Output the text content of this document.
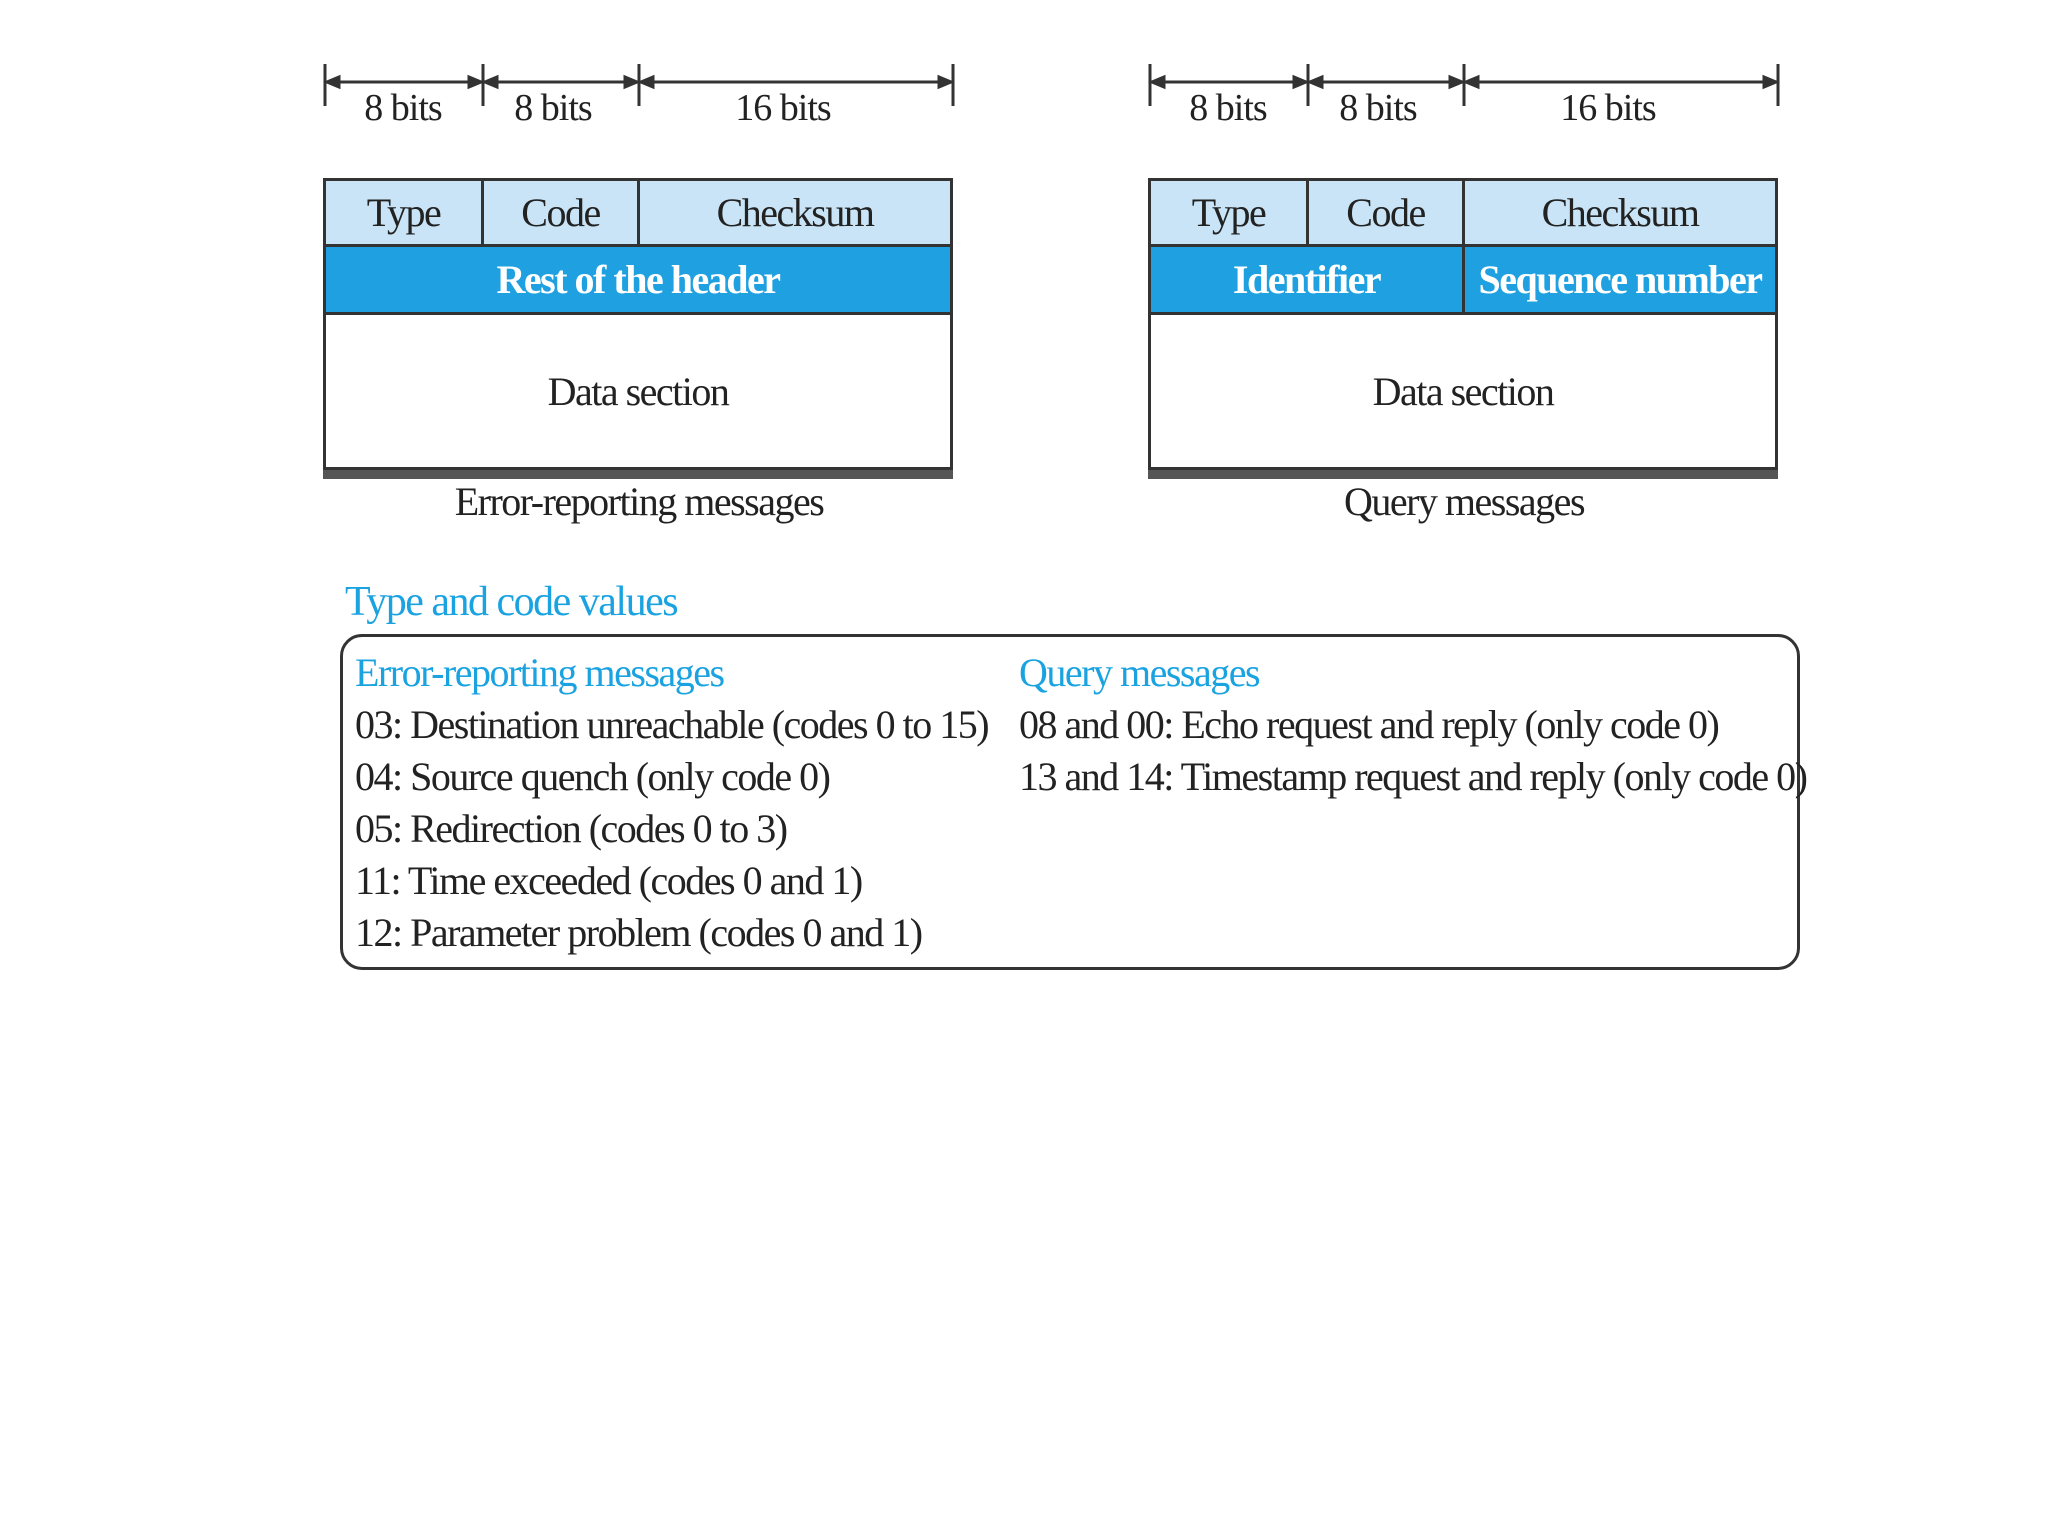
8 bits 8 bits	16 bits
Type	Code	Checksum
Rest of the header
Data section
Error-reporting messages
8 bits 8 bits	16 bits
Type	Code	Checksum
Identifier	Sequence number
Data section
Query messages
Type and code values
Error-reporting messages
03: Destination unreachable (codes 0 to 15)
04: Source quench (only code 0)
05: Redirection (codes 0 to 3)
11: Time exceeded (codes 0 and 1)
12: Parameter problem (codes 0 and 1)
Query messages
08 and 00: Echo request and reply (only code 0)
13 and 14: Timestamp request and reply (only code 0)
